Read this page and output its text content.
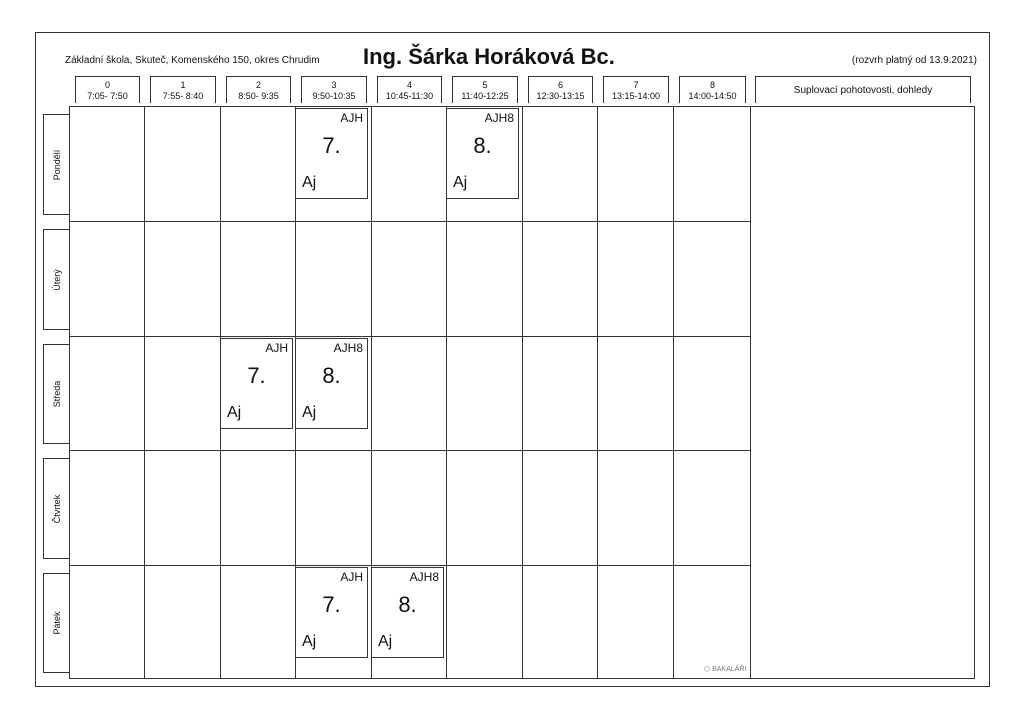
Základní škola, Skuteč, Komenského 150, okres Chrudim Ing. Šárka Horáková Bc.	(rozvrh platný od 13.9.2021)
0
7:05- 7:50
1
7:55- 8:40
2
8:50- 9:35
3
9:50-10:35
4
10:45-11:30
5
11:40-12:25
6
12:30-13:15
7
13:15-14:00
8
14:00-14:50	Suplovací pohotovosti, dohledy
Pondělí
Úterý
Středa
Čtvrtek
Pátek
AJH
7.
Aj
AJH8
8.
Aj
AJH
7.
Aj
AJH8
8.
Aj
AJH
7.
Aj
AJH8
8.
Aj
⬡ BAKALÁŘI
